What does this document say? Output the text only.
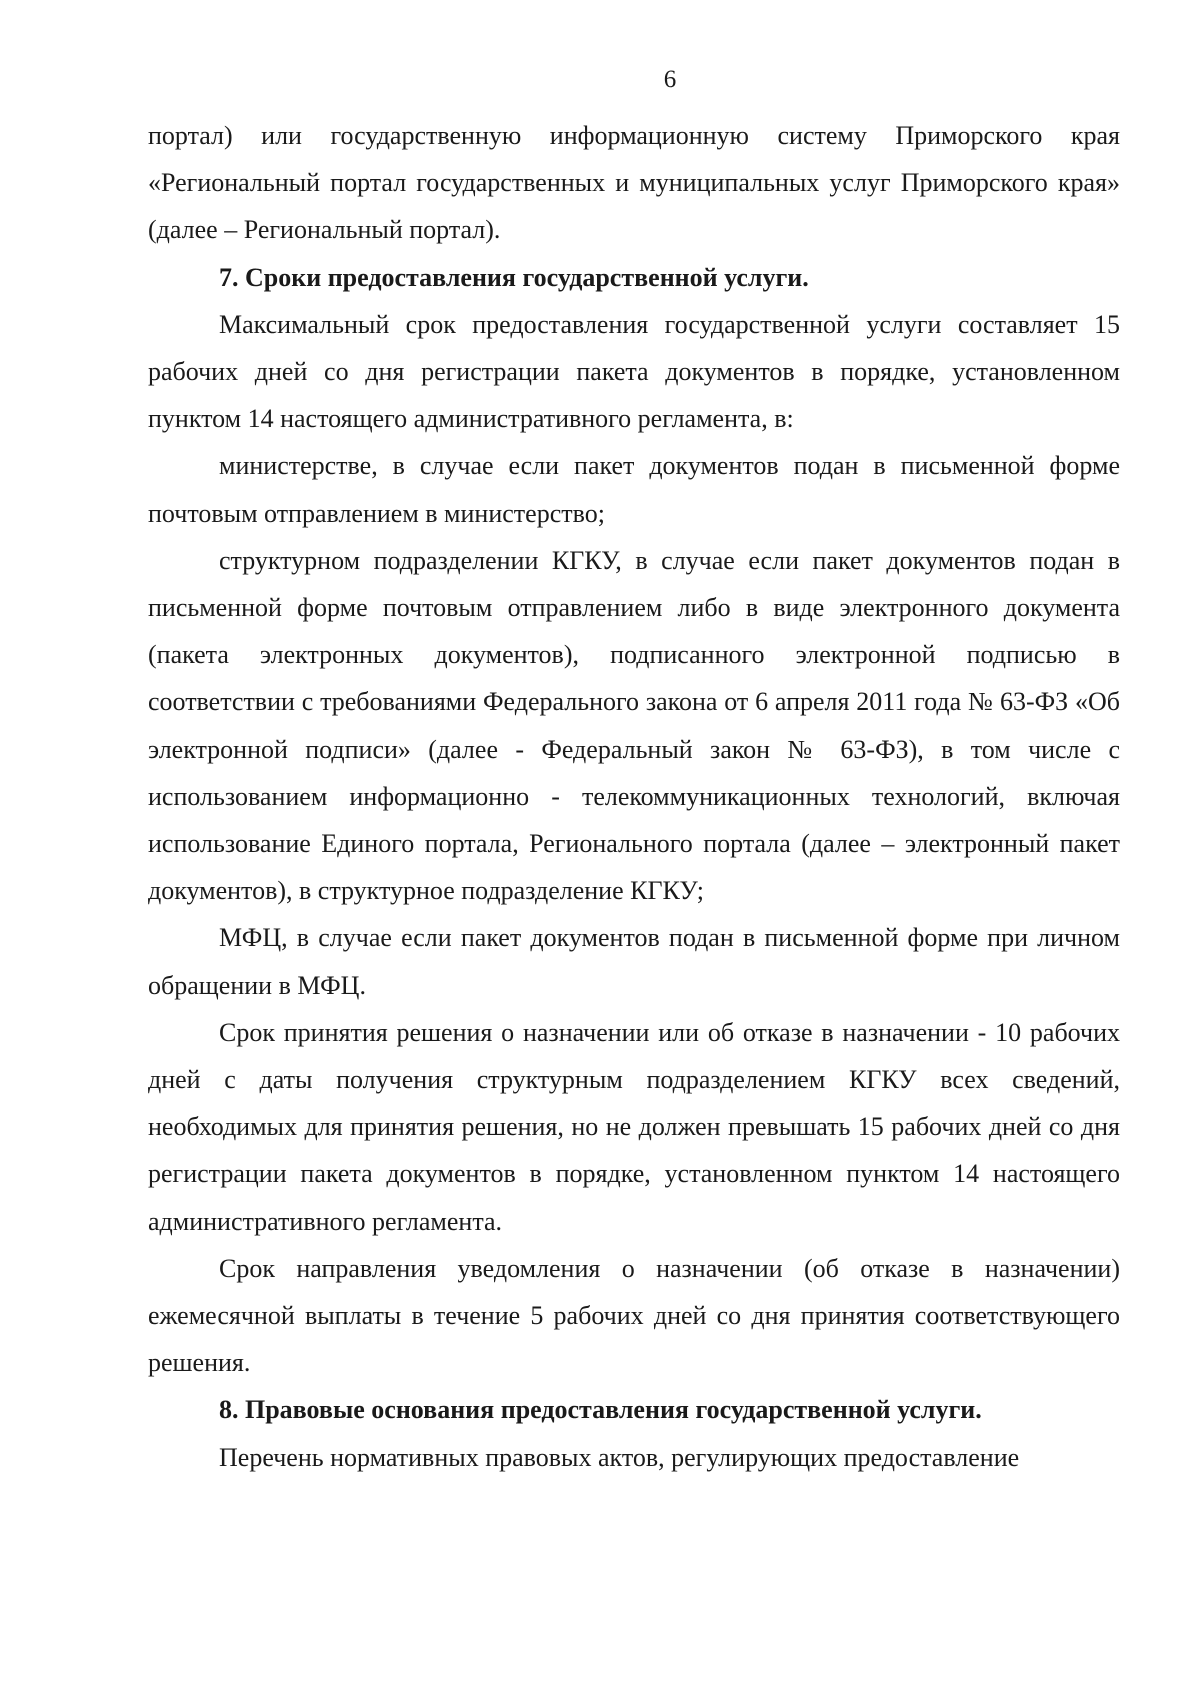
6

портал) или государственную информационную систему Приморского края «Региональный портал государственных и муниципальных услуг Приморского края» (далее – Региональный портал).

7. Сроки предоставления государственной услуги.

Максимальный срок предоставления государственной услуги составляет 15 рабочих дней со дня регистрации пакета документов в порядке, установленном пунктом 14 настоящего административного регламента, в:

министерстве, в случае если пакет документов подан в письменной форме почтовым отправлением в министерство;

структурном подразделении КГКУ, в случае если пакет документов подан в письменной форме почтовым отправлением либо в виде электронного документа (пакета электронных документов), подписанного электронной подписью в соответствии с требованиями Федерального закона от 6 апреля 2011 года № 63-ФЗ «Об электронной подписи» (далее - Федеральный закон № 63-ФЗ), в том числе с использованием информационно - телекоммуникационных технологий, включая использование Единого портала, Регионального портала (далее – электронный пакет документов), в структурное подразделение КГКУ;

МФЦ, в случае если пакет документов подан в письменной форме при личном обращении в МФЦ.

Срок принятия решения о назначении или об отказе в назначении - 10 рабочих дней с даты получения структурным подразделением КГКУ всех сведений, необходимых для принятия решения, но не должен превышать 15 рабочих дней со дня регистрации пакета документов в порядке, установленном пунктом 14 настоящего административного регламента.

Срок направления уведомления о назначении (об отказе в назначении) ежемесячной выплаты в течение 5 рабочих дней со дня принятия соответствующего решения.

8. Правовые основания предоставления государственной услуги.

Перечень нормативных правовых актов, регулирующих предоставление
